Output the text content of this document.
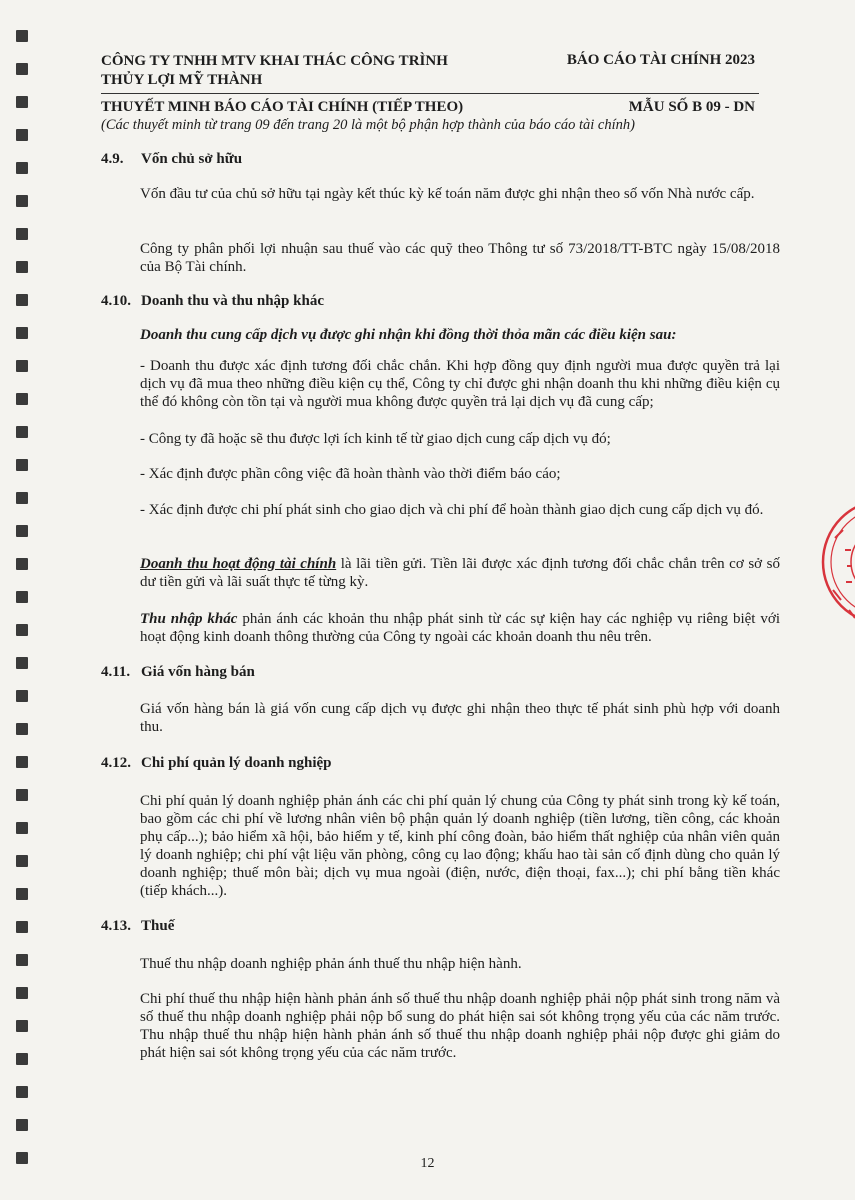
CÔNG TY TNHH MTV KHAI THÁC CÔNG TRÌNH
THỦY LỢI MỸ THÀNH
BÁO CÁO TÀI CHÍNH 2023
THUYẾT MINH BÁO CÁO TÀI CHÍNH (TIẾP THEO)	MẪU SỐ B 09 - DN
(Các thuyết minh từ trang 09 đến trang 20 là một bộ phận hợp thành của báo cáo tài chính)
4.9. Vốn chủ sở hữu
Vốn đầu tư của chủ sở hữu tại ngày kết thúc kỳ kế toán năm được ghi nhận theo số vốn Nhà nước cấp.
Công ty phân phối lợi nhuận sau thuế vào các quỹ theo Thông tư số 73/2018/TT-BTC ngày 15/08/2018 của Bộ Tài chính.
4.10. Doanh thu và thu nhập khác
Doanh thu cung cấp dịch vụ được ghi nhận khi đồng thời thỏa mãn các điều kiện sau:
- Doanh thu được xác định tương đối chắc chắn. Khi hợp đồng quy định người mua được quyền trả lại dịch vụ đã mua theo những điều kiện cụ thể, Công ty chỉ được ghi nhận doanh thu khi những điều kiện cụ thể đó không còn tồn tại và người mua không được quyền trả lại dịch vụ đã cung cấp;
- Công ty đã hoặc sẽ thu được lợi ích kinh tế từ giao dịch cung cấp dịch vụ đó;
- Xác định được phần công việc đã hoàn thành vào thời điểm báo cáo;
- Xác định được chi phí phát sinh cho giao dịch và chi phí để hoàn thành giao dịch cung cấp dịch vụ đó.
Doanh thu hoạt động tài chính là lãi tiền gửi. Tiền lãi được xác định tương đối chắc chắn trên cơ sở số dư tiền gửi và lãi suất thực tế từng kỳ.
Thu nhập khác phản ánh các khoản thu nhập phát sinh từ các sự kiện hay các nghiệp vụ riêng biệt với hoạt động kinh doanh thông thường của Công ty ngoài các khoản doanh thu nêu trên.
4.11. Giá vốn hàng bán
Giá vốn hàng bán là giá vốn cung cấp dịch vụ được ghi nhận theo thực tế phát sinh phù hợp với doanh thu.
4.12. Chi phí quản lý doanh nghiệp
Chi phí quản lý doanh nghiệp phản ánh các chi phí quản lý chung của Công ty phát sinh trong kỳ kế toán, bao gồm các chi phí về lương nhân viên bộ phận quản lý doanh nghiệp (tiền lương, tiền công, các khoản phụ cấp...); bảo hiểm xã hội, bảo hiểm y tế, kinh phí công đoàn, bảo hiểm thất nghiệp của nhân viên quản lý doanh nghiệp; chi phí vật liệu văn phòng, công cụ lao động; khấu hao tài sản cố định dùng cho quản lý doanh nghiệp; thuế môn bài; dịch vụ mua ngoài (điện, nước, điện thoại, fax...); chi phí bằng tiền khác (tiếp khách...).
4.13. Thuế
Thuế thu nhập doanh nghiệp phản ánh thuế thu nhập hiện hành.
Chi phí thuế thu nhập hiện hành phản ánh số thuế thu nhập doanh nghiệp phải nộp phát sinh trong năm và số thuế thu nhập doanh nghiệp phải nộp bổ sung do phát hiện sai sót không trọng yếu của các năm trước. Thu nhập thuế thu nhập hiện hành phản ánh số thuế thu nhập doanh nghiệp phải nộp được ghi giảm do phát hiện sai sót không trọng yếu của các năm trước.
12
